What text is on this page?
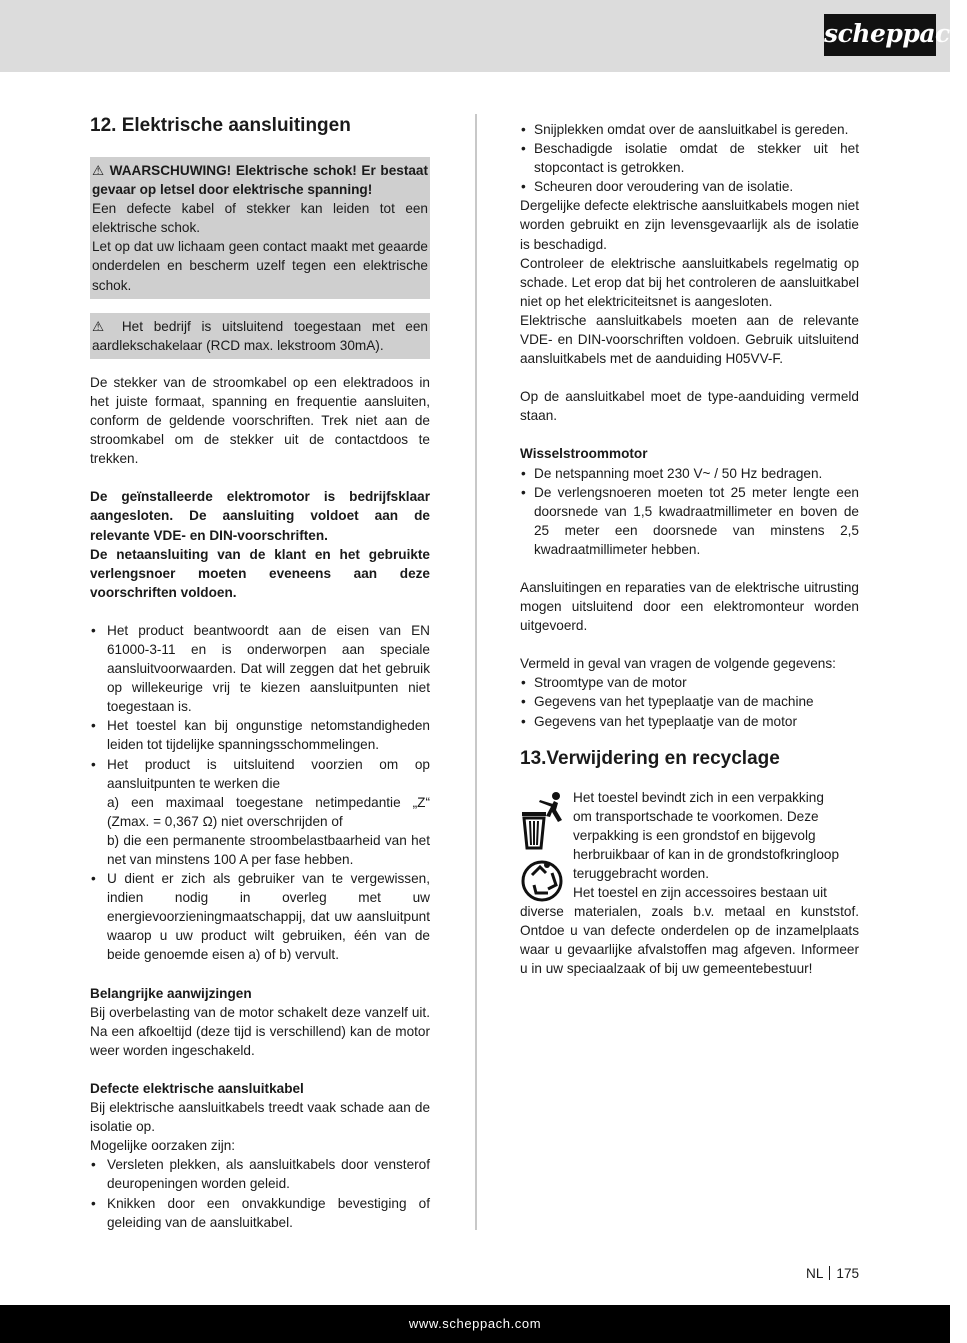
scheppach
12. Elektrische aansluitingen

⚠ WAARSCHUWING! Elektrische schok! Er bestaat gevaar op letsel door elektrische spanning!

Een defecte kabel of stekker kan leiden tot een elektrische schok.

Let op dat uw lichaam geen contact maakt met geaarde onderdelen en bescherm uzelf tegen een elektrische schok.

⚠ Het bedrijf is uitsluitend toegestaan met een aardlekschakelaar (RCD max. lekstroom 30mA).

De stekker van de stroomkabel op een elektradoos in het juiste formaat, spanning en frequentie aansluiten, conform de geldende voorschriften. Trek niet aan de stroomkabel om de stekker uit de contactdoos te trekken.

De geïnstalleerde elektromotor is bedrijfsklaar aangesloten. De aansluiting voldoet aan de relevante VDE- en DIN-voorschriften.

De netaansluiting van de klant en het gebruikte verlengsnoer moeten eveneens aan deze voorschriften voldoen.

• Het product beantwoordt aan de eisen van EN 61000-3-11 en is onderworpen aan speciale aansluitvoorwaarden. Dat will zeggen dat het gebruik op willekeurige vrij te kiezen aansluitpunten niet toegestaan is.
• Het toestel kan bij ongunstige netomstandigheden leiden tot tijdelijke spanningsschommelingen.
• Het product is uitsluitend voorzien om op aansluitpunten te werken die
a) een maximaal toegestane netimpedantie „Z“ (Zmax. = 0,367 Ω) niet overschrijden of
b) die een permanente stroombelastbaarheid van het net van minstens 100 A per fase hebben.
• U dient er zich als gebruiker van te vergewissen, indien nodig in overleg met uw energievoorzieningmaatschappij, dat uw aansluitpunt waarop u uw product wilt gebruiken, één van de beide genoemde eisen a) of b) vervult.

Belangrijke aanwijzingen

Bij overbelasting van de motor schakelt deze vanzelf uit. Na een afkoeltijd (deze tijd is verschillend) kan de motor weer worden ingeschakeld.

Defecte elektrische aansluitkabel

Bij elektrische aansluitkabels treedt vaak schade aan de isolatie op.

Mogelijke oorzaken zijn:

• Versleten plekken, als aansluitkabels door vensterof deuropeningen worden geleid.
• Knikken door een onvakkundige bevestiging of geleiding van de aansluitkabel.
• Snijplekken omdat over de aansluitkabel is gereden.
• Beschadigde isolatie omdat de stekker uit het stopcontact is getrokken.
• Scheuren door veroudering van de isolatie.

Dergelijke defecte elektrische aansluitkabels mogen niet worden gebruikt en zijn levensgevaarlijk als de isolatie is beschadigd.

Controleer de elektrische aansluitkabels regelmatig op schade. Let erop dat bij het controleren de aansluitkabel niet op het elektriciteitsnet is aangesloten.

Elektrische aansluitkabels moeten aan de relevante VDE- en DIN-voorschriften voldoen. Gebruik uitsluitend aansluitkabels met de aanduiding H05VV-F.

Op de aansluitkabel moet de type-aanduiding vermeld staan.

Wisselstroommotor

• De netspanning moet 230 V~ / 50 Hz bedragen.
• De verlengsnoeren moeten tot 25 meter lengte een doorsnede van 1,5 kwadraatmillimeter en boven de 25 meter een doorsnede van minstens 2,5 kwadraatmillimeter hebben.

Aansluitingen en reparaties van de elektrische uitrusting mogen uitsluitend door een elektromonteur worden uitgevoerd.

Vermeld in geval van vragen de volgende gegevens:

• Stroomtype van de motor
• Gegevens van het typeplaatje van de machine
• Gegevens van het typeplaatje van de motor
13.Verwijdering en recyclage

Het toestel bevindt zich in een verpakking

om transportschade te voorkomen. Deze

verpakking is een grondstof en bijgevolg

herbruikbaar of kan in de grondstofkringloop

teruggebracht worden.

Het toestel en zijn accessoires bestaan uit

diverse materialen, zoals b.v. metaal en kunststof. Ontdoe u van defecte onderdelen op de inzamelplaats waar u gevaarlijke afvalstoffen mag afgeven. Informeer u in uw speciaalzaak of bij uw gemeentebestuur!

NL 175
www.scheppach.com
